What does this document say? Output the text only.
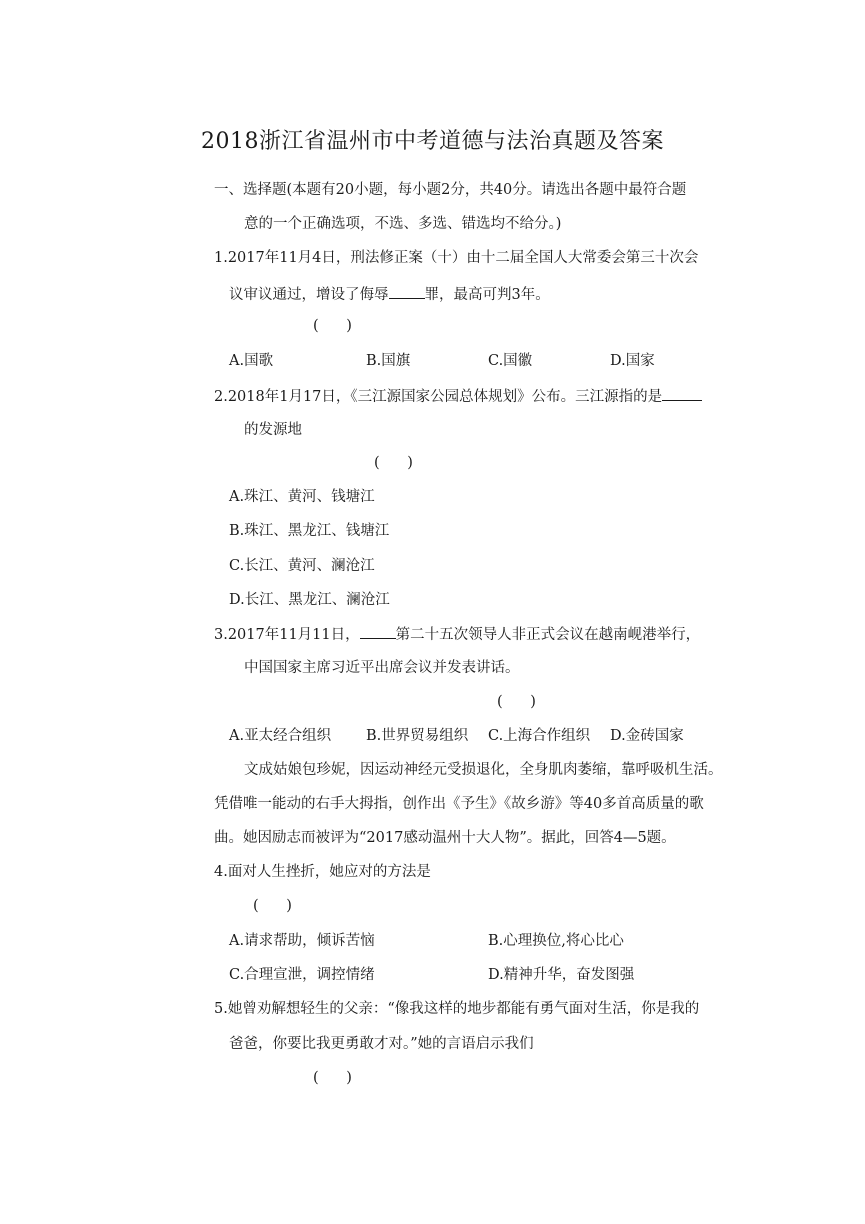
2018浙江省温州市中考道德与法治真题及答案
一、选择题(本题有20小题，每小题2分，共40分。请选出各题中最符合题
意的一个正确选项，不选、多选、错选均不给分。)
1.2017年11月4日，刑法修正案（十）由十二届全国人大常委会第三十次会
议审议通过，增设了侮辱 罪，最高可判3年。
(      )
A.国歌	B.国旗	C.国徽	D.国家
2.2018年1月17日，《三江源国家公园总体规划》公布。三江源指的是
的发源地
(      )
A.珠江、黄河、钱塘江
B.珠江、黑龙江、钱塘江
C.长江、黄河、澜沧江
D.长江、黑龙江、澜沧江
3.2017年11月11日， 第二十五次领导人非正式会议在越南岘港举行，
中国国家主席习近平出席会议并发表讲话。
(      )
A.亚太经合组织 B.世界贸易组织 C.上海合作组织 D.金砖国家
文成姑娘包珍妮，因运动神经元受损退化，全身肌肉萎缩，靠呼吸机生活。
凭借唯一能动的右手大拇指，创作出《予生》《故乡游》等40多首高质量的歌
曲。她因励志而被评为“2017感动温州十大人物”。据此，回答4—5题。
4.面对人生挫折，她应对的方法是
(      )
A.请求帮助，倾诉苦恼	B.心理换位,将心比心
C.合理宣泄，调控情绪	D.精神升华，奋发图强
5.她曾劝解想轻生的父亲：“像我这样的地步都能有勇气面对生活，你是我的
爸爸，你要比我更勇敢才对。”她的言语启示我们
(      )
